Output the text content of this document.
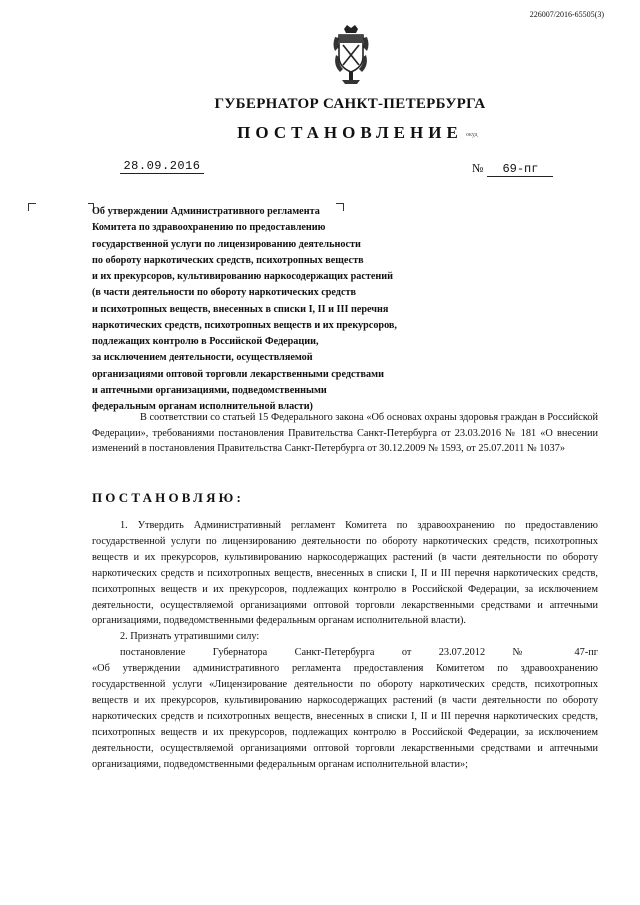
226007/2016-65505(3)
ГУБЕРНАТОР САНКТ-ПЕТЕРБУРГА
ПОСТАНОВЛЕНИЕ окуд
28.09.2016	№ 69-пг

Об утверждении Административного регламента
Комитета по здравоохранению по предоставлению
государственной услуги по лицензированию деятельности
по обороту наркотических средств, психотропных веществ
и их прекурсоров, культивированию наркосодержащих растений
(в части деятельности по обороту наркотических средств
и психотропных веществ, внесенных в списки I, II и III перечня
наркотических средств, психотропных веществ и их прекурсоров,
подлежащих контролю в Российской Федерации,
за исключением деятельности, осуществляемой
организациями оптовой торговли лекарственными средствами
и аптечными организациями, подведомственными
федеральным органам исполнительной власти)

В соответствии со статьей 15 Федерального закона «Об основах охраны здоровья граждан в Российской Федерации», требованиями постановления Правительства Санкт-Петербурга от 23.03.2016 № 181 «О внесении изменений в постановления Правительства Санкт-Петербурга от 30.12.2009 № 1593, от 25.07.2011 № 1037»

ПОСТАНОВЛЯЮ:

1. Утвердить Административный регламент Комитета по здравоохранению по предоставлению государственной услуги по лицензированию деятельности по обороту наркотических средств, психотропных веществ и их прекурсоров, культивированию наркосодержащих растений (в части деятельности по обороту наркотических средств и психотропных веществ, внесенных в списки I, II и III перечня наркотических средств, психотропных веществ и их прекурсоров, подлежащих контролю в Российской Федерации, за исключением деятельности, осуществляемой организациями оптовой торговли лекарственными средствами и аптечными организациями, подведомственными федеральным органам исполнительной власти).

2. Признать утратившими силу:

постановление Губернатора Санкт-Петербурга от 23.07.2012 № 47-пг

«Об утверждении административного регламента предоставления Комитетом по здравоохранению государственной услуги «Лицензирование деятельности по обороту наркотических средств, психотропных веществ и их прекурсоров, культивированию наркосодержащих растений (в части деятельности по обороту наркотических средств и психотропных веществ, внесенных в списки I, II и III перечня наркотических средств, психотропных веществ и их прекурсоров, подлежащих контролю в Российской Федерации, за исключением деятельности, осуществляемой организациями оптовой торговли лекарственными средствами и аптечными организациями, подведомственными федеральным органам исполнительной власти»;
